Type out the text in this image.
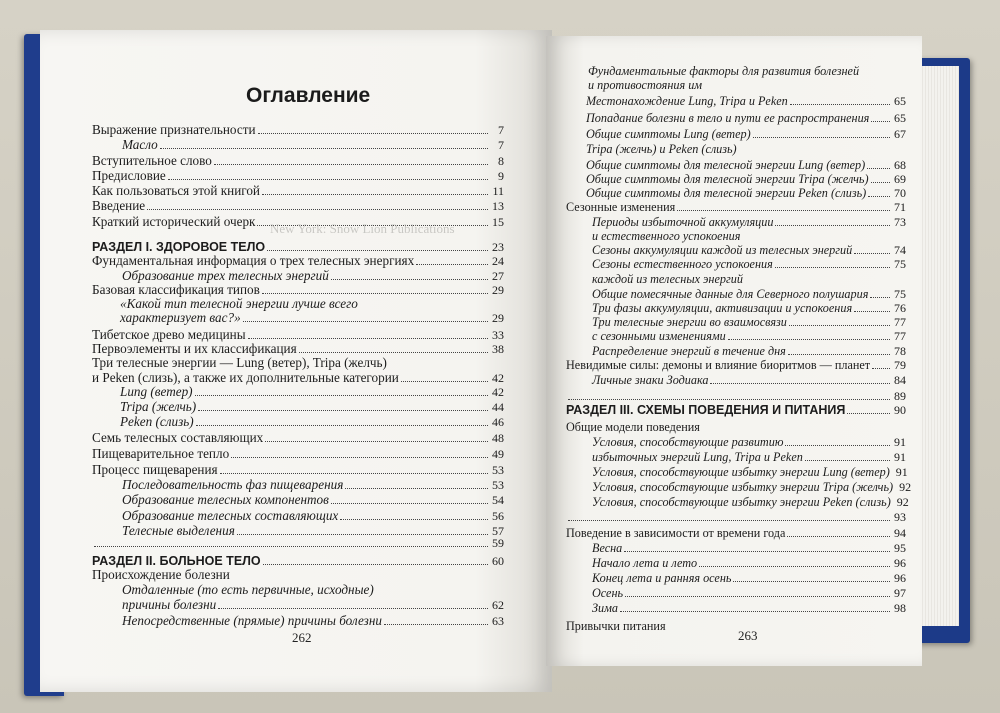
Оглавление
Выражение признательности	7
Масло	7
Вступительное слово	8
Предисловие	9
Как пользоваться этой книгой	11
Введение	13
Краткий исторический очерк	15
РАЗДЕЛ I. ЗДОРОВОЕ ТЕЛО	23
Фундаментальная информация о трех телесных энергиях	24
Образование трех телесных энергий	27
Базовая классификация типов	29
«Какой тип телесной энергии лучше всего
характеризует вас?»	29
Тибетское древо медицины	33
Первоэлементы и их классификация	38
Три телесные энергии — Lung (ветер), Tripa (желчь)
и Peken (слизь), а также их дополнительные категории	42
Lung (ветер)	42
Tripa (желчь)	44
Peken (слизь)	46
Семь телесных составляющих	48
Пищеварительное тепло	49
Процесс пищеварения	53
Последовательность фаз пищеварения	53
Образование телесных компонентов	54
Образование телесных составляющих	56
Телесные выделения	57
59
РАЗДЕЛ II. БОЛЬНОЕ ТЕЛО	60
Происхождение болезни
Отдаленные (то есть первичные, исходные)
причины болезни	62
Непосредственные (прямые) причины болезни	63
262
New York: Snow Lion Publications
Фундаментальные факторы для развития болезней
и противостояния им
Местонахождение Lung, Tripa и Peken	65
Попадание болезни в тело и пути ее распространения 65
Общие симптомы Lung (ветер)	67
Tripa (желчь) и Peken (слизь)
Общие симптомы для телесной энергии Lung (ветер) 68
Общие симптомы для телесной энергии Tripa (желчь) 69
Общие симптомы для телесной энергии Peken (слизь) 70
Сезонные изменения	71
Периоды избыточной аккумуляции	73
и естественного успокоения
Сезоны аккумуляции каждой из телесных энергий	74
Сезоны естественного успокоения	75
каждой из телесных энергий
Общие помесячные данные для Северного полушария 75
Три фазы аккумуляции, активизации и успокоения	76
Три телесные энергии во взаимосвязи	77
с сезонными изменениями	77
Распределение энергий в течение дня	78
Невидимые силы: демоны и влияние биоритмов — планет 79
Личные знаки Зодиака	84
89
РАЗДЕЛ III. СХЕМЫ ПОВЕДЕНИЯ И ПИТАНИЯ	90
Общие модели поведения
Условия, способствующие развитию	91
избыточных энергий Lung, Tripa и Peken	91
Условия, способствующие избытку энергии Lung (ветер) 91
Условия, способствующие избытку энергии Tripa (желчь) 92
Условия, способствующие избытку энергии Peken (слизь) 92
93
Поведение в зависимости от времени года	94
Весна	95
Начало лета и лето	96
Конец лета и ранняя осень	96
Осень	97
Зима	98
Привычки питания
263
